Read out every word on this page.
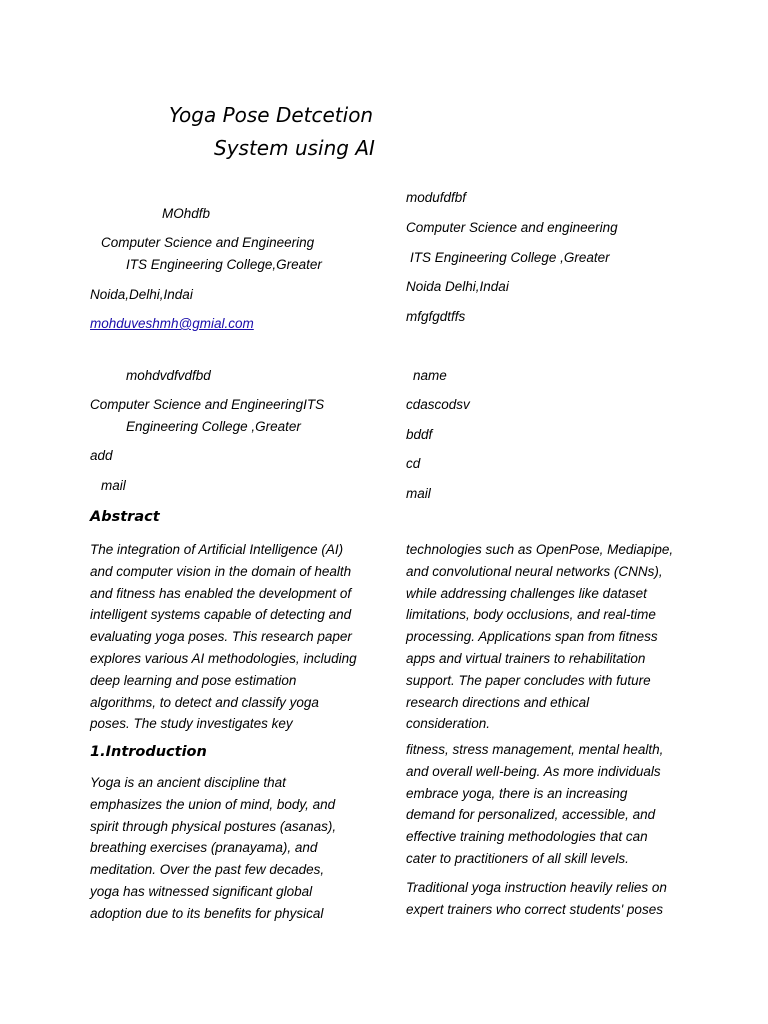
Yoga Pose Detcetion
System using AI
MOhdfb
Computer Science and Engineering
ITS Engineering College,Greater
Noida,Delhi,Indai
mohduveshmh@gmial.com
modufdfbf
Computer Science and engineering
ITS Engineering College ,Greater
Noida Delhi,Indai
mfgfgdtffs
mohdvdfvdfbd
Computer Science and EngineeringITS
Engineering College ,Greater
add
mail
name
cdascodsv
bddf
cd
mail
Abstract
The integration of Artificial Intelligence (AI)
and computer vision in the domain of health
and fitness has enabled the development of
intelligent systems capable of detecting and
evaluating yoga poses. This research paper
explores various AI methodologies, including
deep learning and pose estimation
algorithms, to detect and classify yoga
poses. The study investigates key
technologies such as OpenPose, Mediapipe,
and convolutional neural networks (CNNs),
while addressing challenges like dataset
limitations, body occlusions, and real-time
processing. Applications span from fitness
apps and virtual trainers to rehabilitation
support. The paper concludes with future
research directions and ethical
consideration.
1.Introduction
Yoga is an ancient discipline that
emphasizes the union of mind, body, and
spirit through physical postures (asanas),
breathing exercises (pranayama), and
meditation. Over the past few decades,
yoga has witnessed significant global
adoption due to its benefits for physical
fitness, stress management, mental health,
and overall well-being. As more individuals
embrace yoga, there is an increasing
demand for personalized, accessible, and
effective training methodologies that can
cater to practitioners of all skill levels.
Traditional yoga instruction heavily relies on
expert trainers who correct students' poses
